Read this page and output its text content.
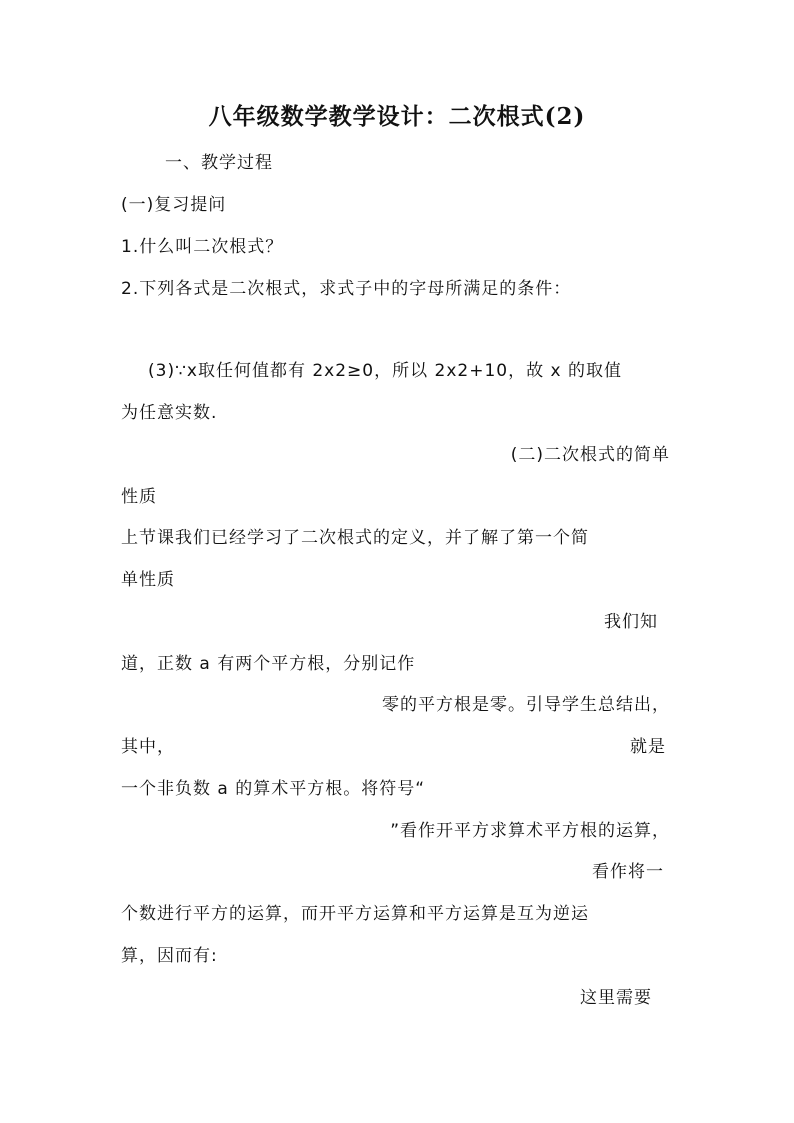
八年级数学教学设计：二次根式(2)
一、教学过程
(一)复习提问
1.什么叫二次根式？
2.下列各式是二次根式，求式子中的字母所满足的条件：
(3)∵x取任何值都有 2x2≥0，所以 2x2+10，故 x 的取值
为任意实数.
(二)二次根式的简单
性质
上节课我们已经学习了二次根式的定义，并了解了第一个简
单性质
我们知
道，正数 a 有两个平方根，分别记作
零的平方根是零。引导学生总结出，
其中，	就是
一个非负数 a 的算术平方根。将符号“
”看作开平方求算术平方根的运算，
看作将一
个数进行平方的运算，而开平方运算和平方运算是互为逆运
算，因而有:
这里需要
